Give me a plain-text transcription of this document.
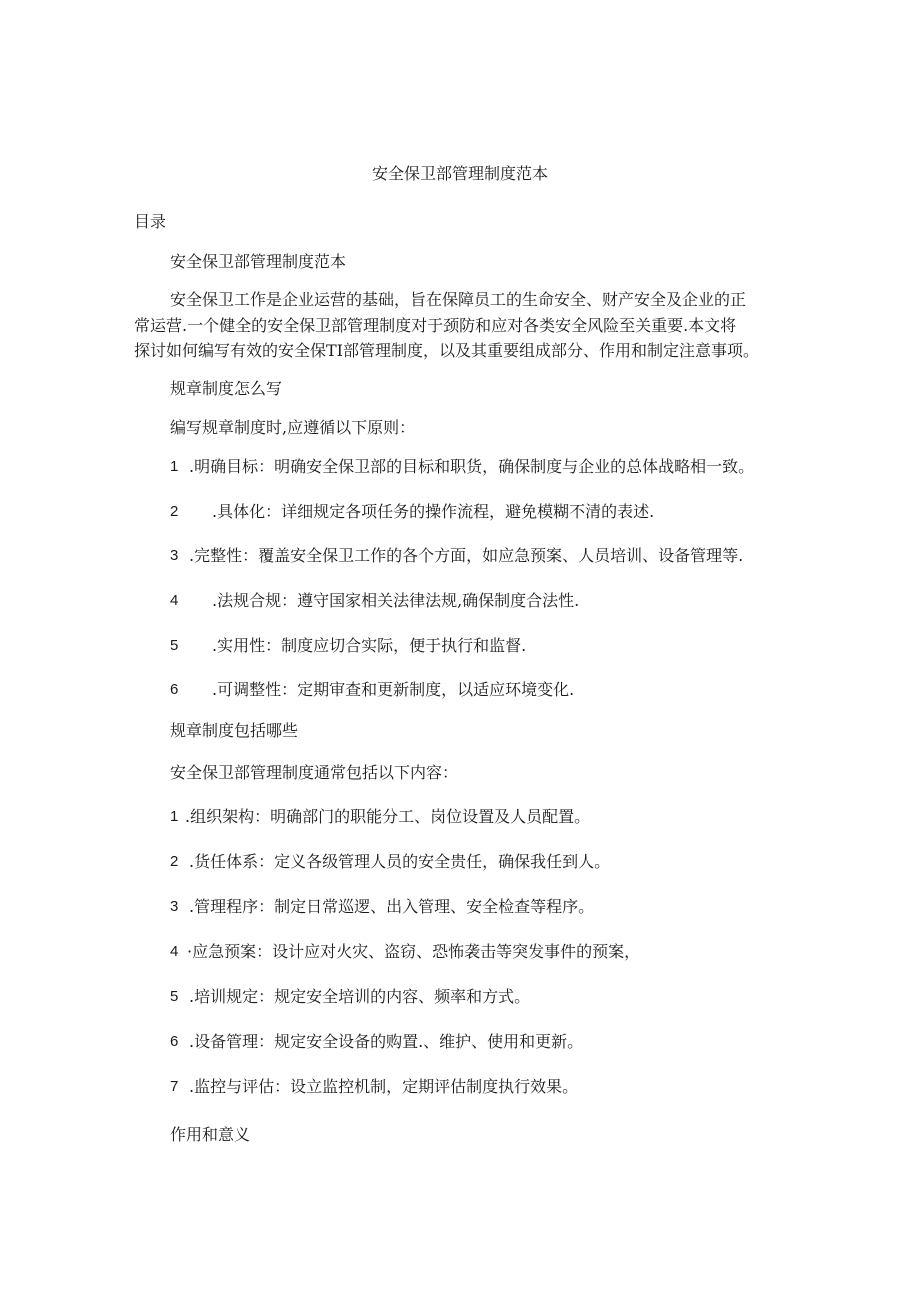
安全保卫部管理制度范本
目录
安全保卫部管理制度范本
安全保卫工作是企业运营的基础，旨在保障员工的生命安全、财产安全及企业的正
常运营.一个健全的安全保卫部管理制度对于颈防和应对各类安全风险至关重要.本文将
探讨如何编写有效的安全保TI部管理制度，以及其重要组成部分、作用和制定注意事项。
规章制度怎么写
编写规章制度时,应遵循以下原则：
1 .明确目标：明确安全保卫部的目标和职货，确保制度与企业的总体战略相一致。
2 .具体化：详细规定各项任务的操作流程，避免模糊不清的表述.
3 .完整性：覆盖安全保卫工作的各个方面，如应急预案、人员培训、设备管理等.
4 .法规合规：遵守国家相关法律法规,确保制度合法性.
5 .实用性：制度应切合实际，便于执行和监督.
6 .可调整性：定期审查和更新制度，以适应环境变化.
规章制度包括哪些
安全保卫部管理制度通常包括以下内容：
1 .组织架构：明确部门的职能分工、岗位设置及人员配置。
2 .货任体系：定义各级管理人员的安全贵任，确保我任到人。
3 .管理程序：制定日常巡逻、出入管理、安全检查等程序。
4 ·应急预案：设计应对火灾、盗窃、恐怖袭击等突发事件的预案，
5 .培训规定：规定安全培训的内容、频率和方式。
6 .设备管理：规定安全设备的购置.、维护、使用和更新。
7 .监控与评估：设立监控机制，定期评估制度执行效果。
作用和意义
